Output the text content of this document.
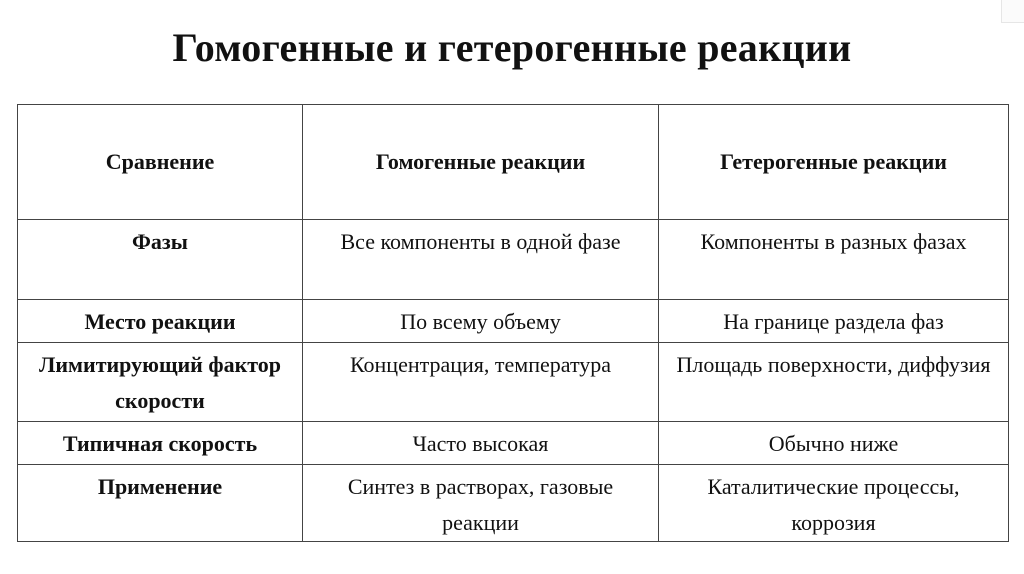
Гомогенные и гетерогенные реакции
Сравнение	Гомогенные реакции	Гетерогенные реакции
Фазы	Все компоненты в одной фазе	Компоненты в разных фазах
Место реакции	По всему объему	На границе раздела фаз
Лимитирующий фактор скорости	Концентрация, температура	Площадь поверхности, диффузия
Типичная скорость	Часто высокая	Обычно ниже
Применение	Синтез в растворах, газовые реакции	Каталитические процессы, коррозия
